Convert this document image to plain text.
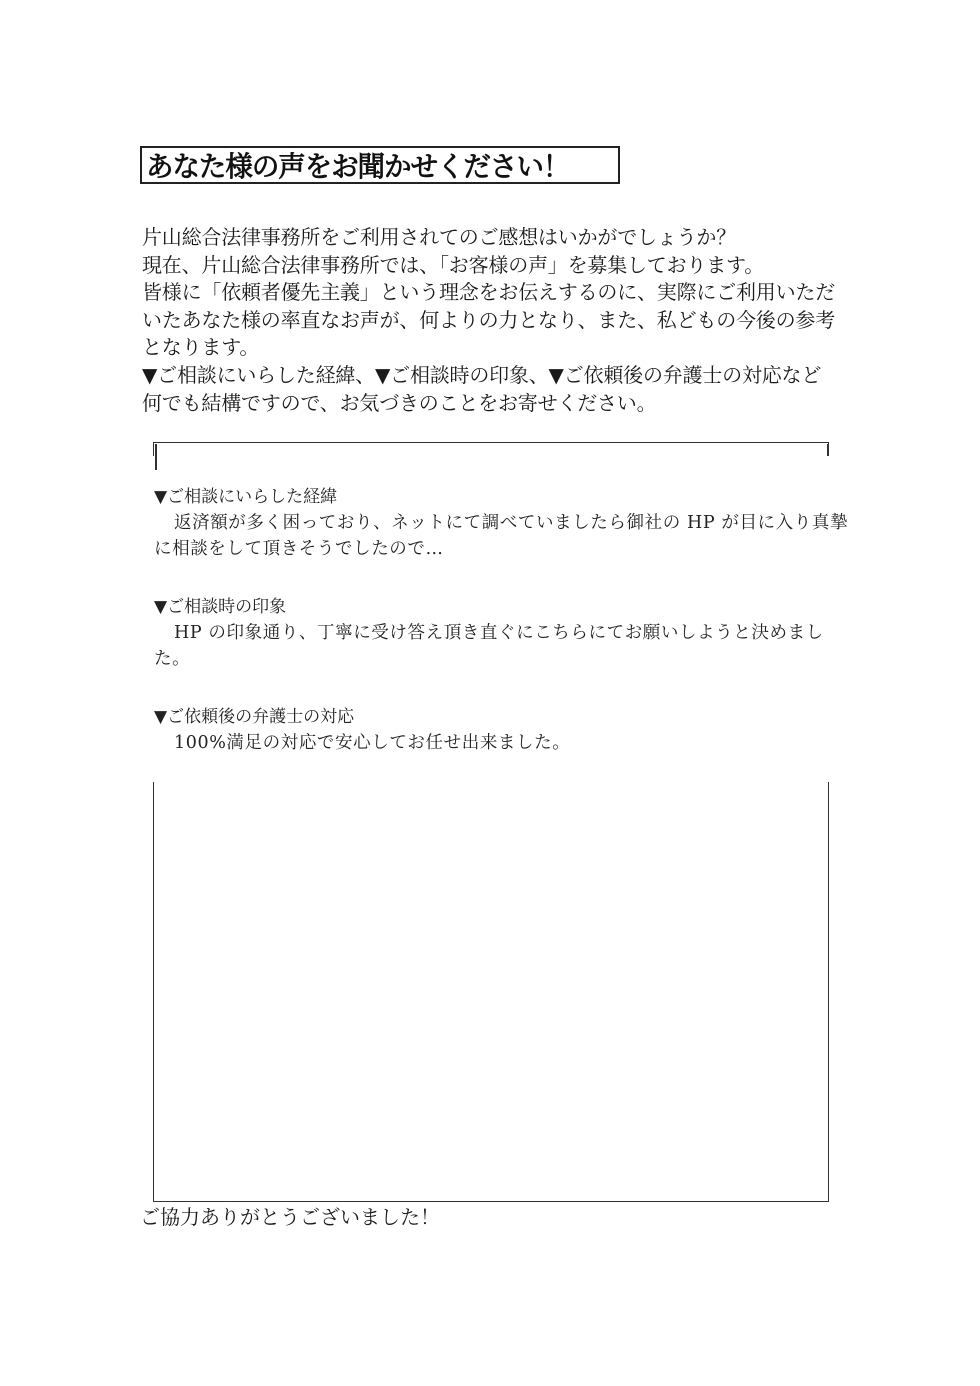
あなた様の声をお聞かせください！
片山総合法律事務所をご利用されてのご感想はいかがでしょうか？
現在、片山総合法律事務所では、「お客様の声」を募集しております。
皆様に「依頼者優先主義」という理念をお伝えするのに、実際にご利用いただ
いたあなた様の率直なお声が、何よりの力となり、また、私どもの今後の参考
となります。
▼ご相談にいらした経緯、▼ご相談時の印象、▼ご依頼後の弁護士の対応など
何でも結構ですので、お気づきのことをお寄せください。
▼ご相談にいらした経緯
返済額が多く困っており、ネットにて調べていましたら御社の HP が目に入り真摯に相談をして頂きそうでしたので…
▼ご相談時の印象
HP の印象通り、丁寧に受け答え頂き直ぐにこちらにてお願いしようと決めました。
▼ご依頼後の弁護士の対応
100%満足の対応で安心してお任せ出来ました。
ご協力ありがとうございました！
